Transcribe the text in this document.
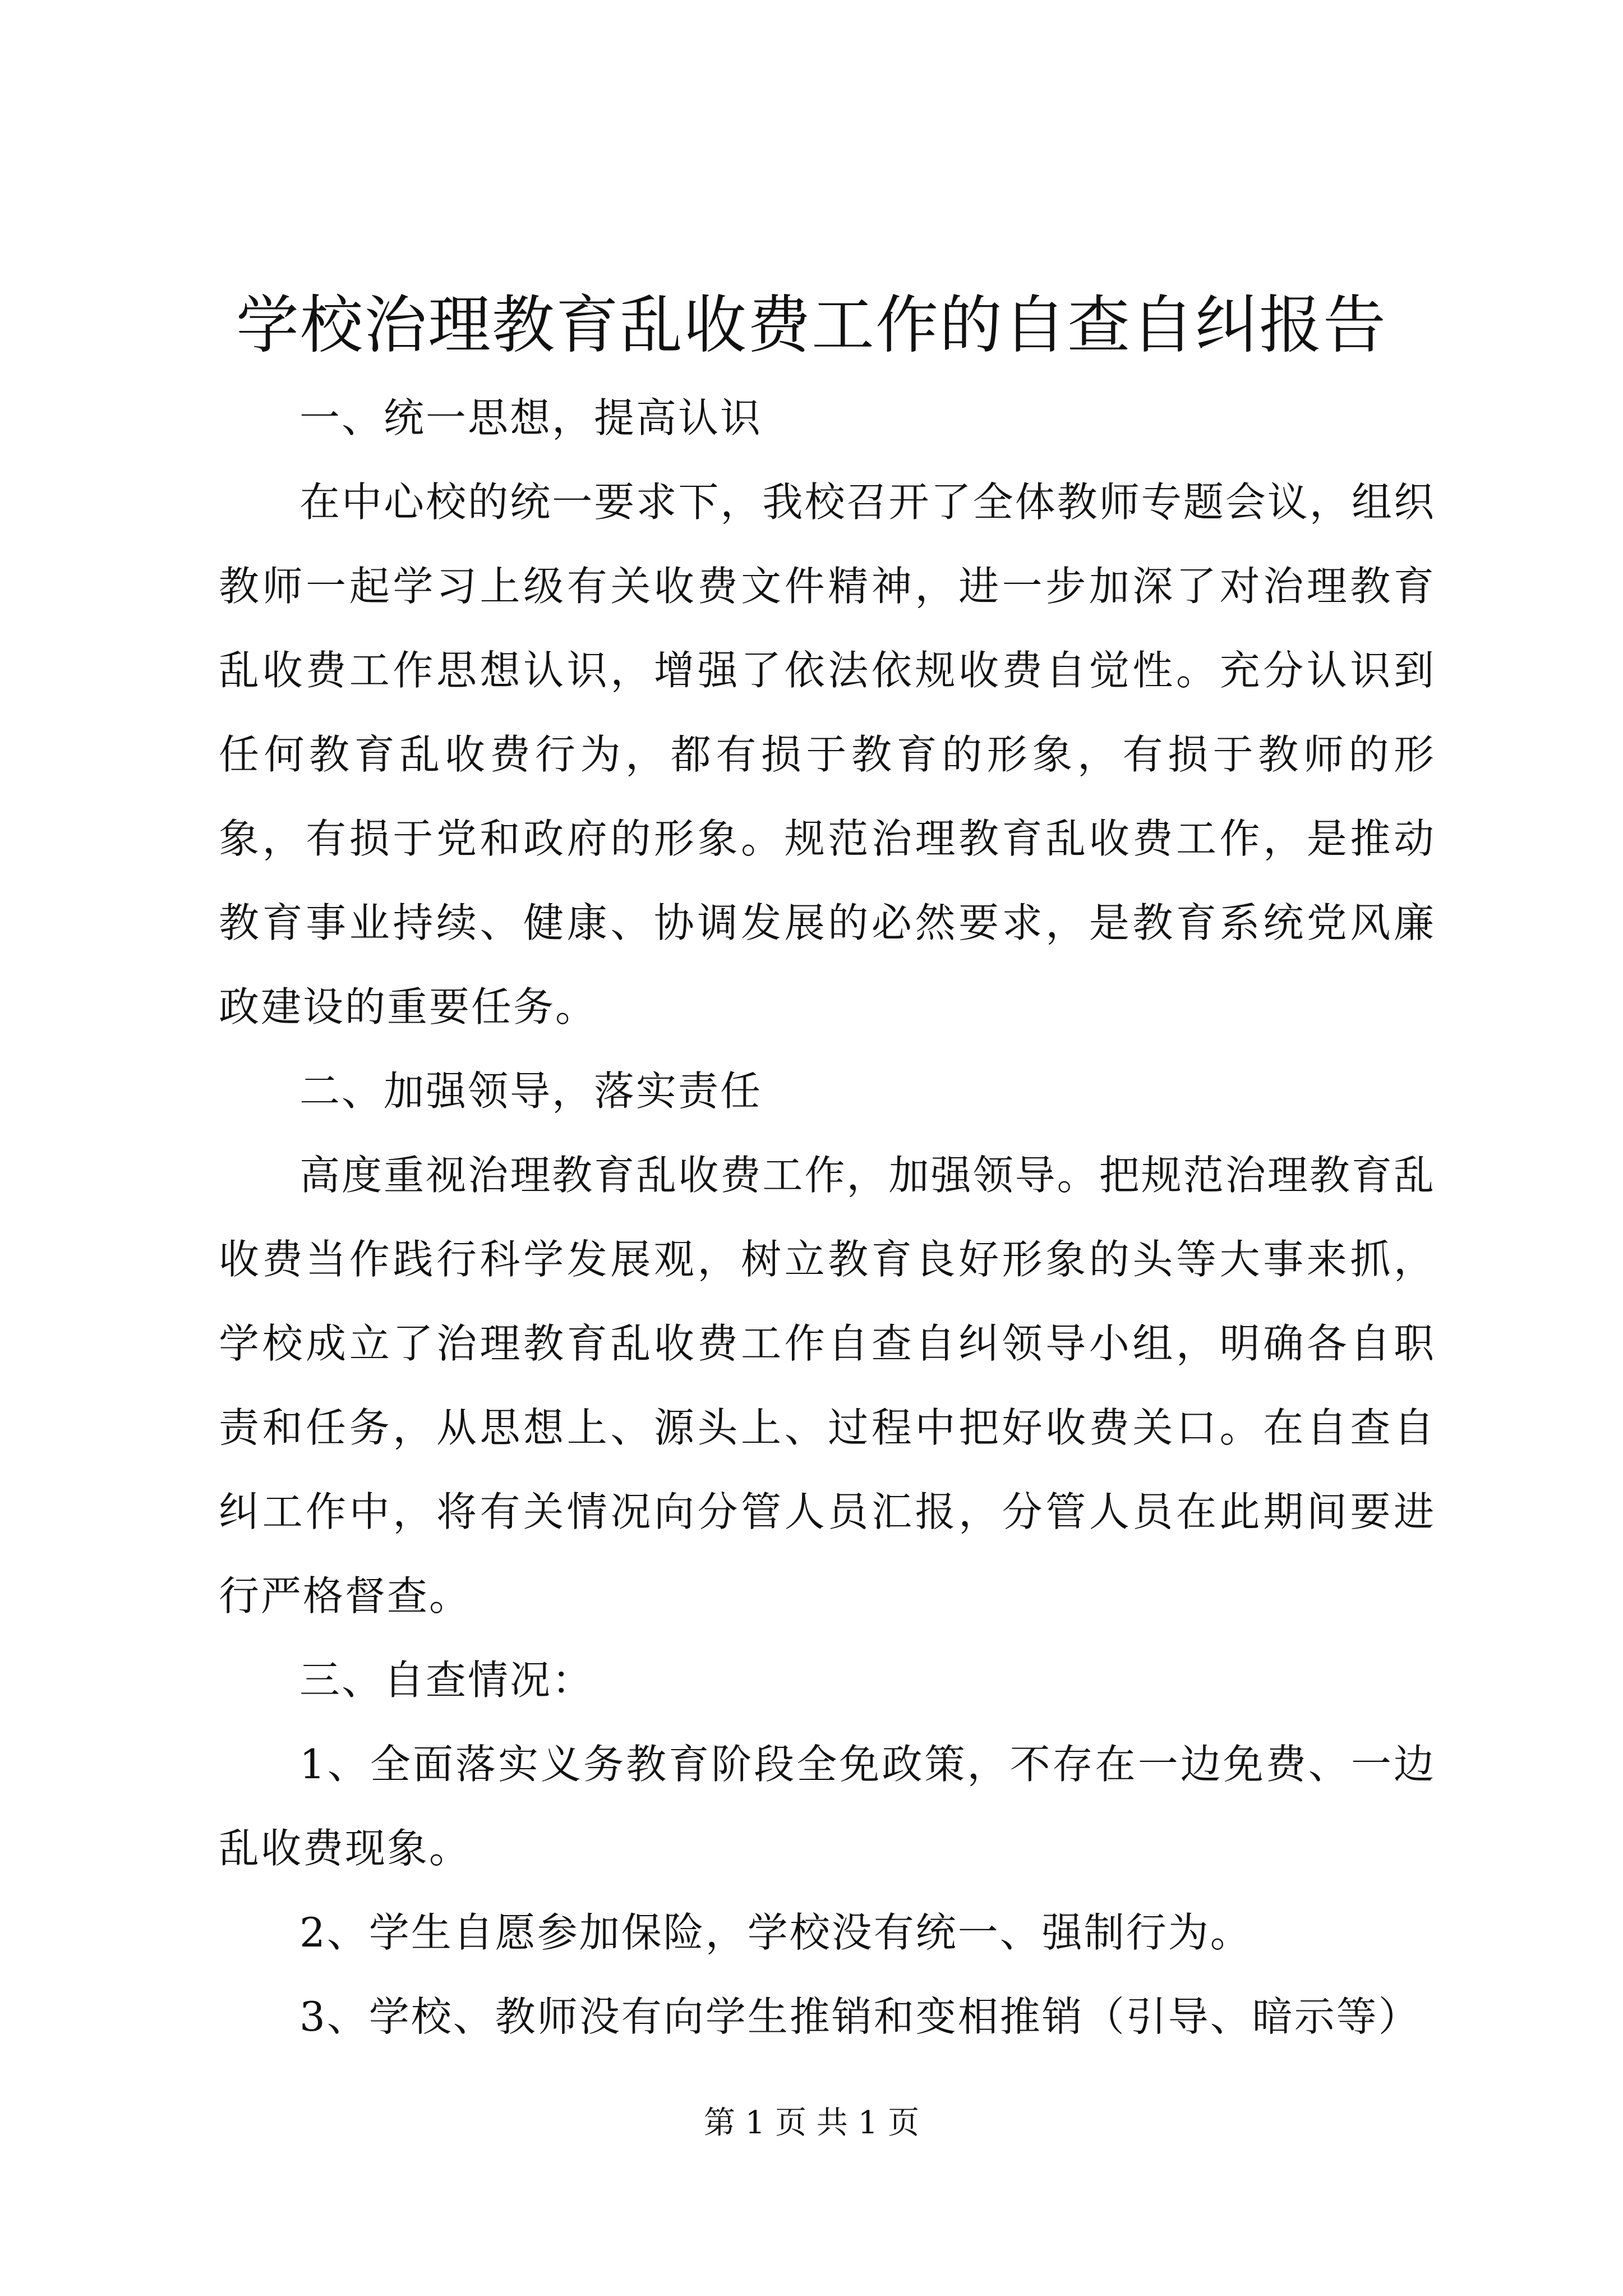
学校治理教育乱收费工作的自查自纠报告

一、统一思想，提高认识

在中心校的统一要求下，我校召开了全体教师专题会议，组织教师一起学习上级有关收费文件精神，进一步加深了对治理教育乱收费工作思想认识，增强了依法依规收费自觉性。充分认识到任何教育乱收费行为，都有损于教育的形象，有损于教师的形象，有损于党和政府的形象。规范治理教育乱收费工作，是推动教育事业持续、健康、协调发展的必然要求，是教育系统党风廉政建设的重要任务。

二、加强领导，落实责任

高度重视治理教育乱收费工作，加强领导。把规范治理教育乱收费当作践行科学发展观，树立教育良好形象的头等大事来抓，学校成立了治理教育乱收费工作自查自纠领导小组，明确各自职责和任务，从思想上、源头上、过程中把好收费关口。在自查自纠工作中，将有关情况向分管人员汇报，分管人员在此期间要进行严格督查。

三、自查情况：

1、全面落实义务教育阶段全免政策，不存在一边免费、一边乱收费现象。

2、学生自愿参加保险，学校没有统一、强制行为。

3、学校、教师没有向学生推销和变相推销（引导、暗示等）

第 1 页 共 1 页
